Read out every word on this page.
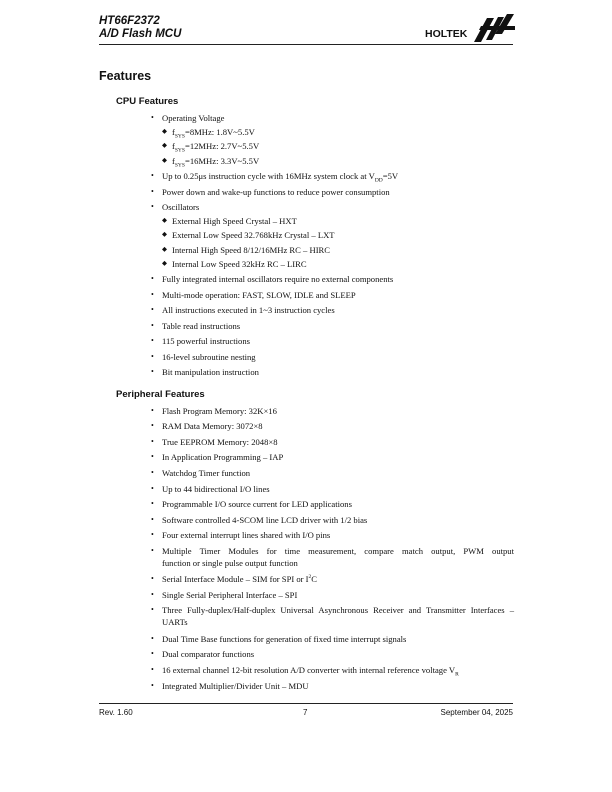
HT66F2372
A/D Flash MCU	HOLTEK
Features
CPU Features
• Operating Voltage
◆ $f_{SYS}=8MHz$: 1.8V~5.5V
◆ $f_{SYS}=12MHz$: 2.7V~5.5V
◆ $f_{SYS}=16MHz$: 3.3V~5.5V
• Up to 0.25μs instruction cycle with 16MHz system clock at $V_{DD}=5V$
• Power down and wake-up functions to reduce power consumption
• Oscillators
◆ External High Speed Crystal – HXT
◆ External Low Speed 32.768kHz Crystal – LXT
◆ Internal High Speed 8/12/16MHz RC – HIRC
◆ Internal Low Speed 32kHz RC – LIRC
• Fully integrated internal oscillators require no external components
• Multi-mode operation: FAST, SLOW, IDLE and SLEEP
• All instructions executed in 1~3 instruction cycles
• Table read instructions
• 115 powerful instructions
• 16-level subroutine nesting
• Bit manipulation instruction
Peripheral Features
• Flash Program Memory: 32K×16
• RAM Data Memory: 3072×8
• True EEPROM Memory: 2048×8
• In Application Programming – IAP
• Watchdog Timer function
• Up to 44 bidirectional I/O lines
• Programmable I/O source current for LED applications
• Software controlled 4-SCOM line LCD driver with 1/2 bias
• Four external interrupt lines shared with I/O pins
• Multiple Timer Modules for time measurement, compare match output, PWM output
function or single pulse output function
• Serial Interface Module – SIM for SPI or $I^2C$
• Single Serial Peripheral Interface – SPI
• Three Fully-duplex/Half-duplex Universal Asynchronous Receiver and Transmitter Interfaces –
UARTs
• Dual Time Base functions for generation of fixed time interrupt signals
• Dual comparator functions
• 16 external channel 12-bit resolution A/D converter with internal reference voltage $V_R$
• Integrated Multiplier/Divider Unit – MDU
Rev. 1.60	7	September 04, 2025
